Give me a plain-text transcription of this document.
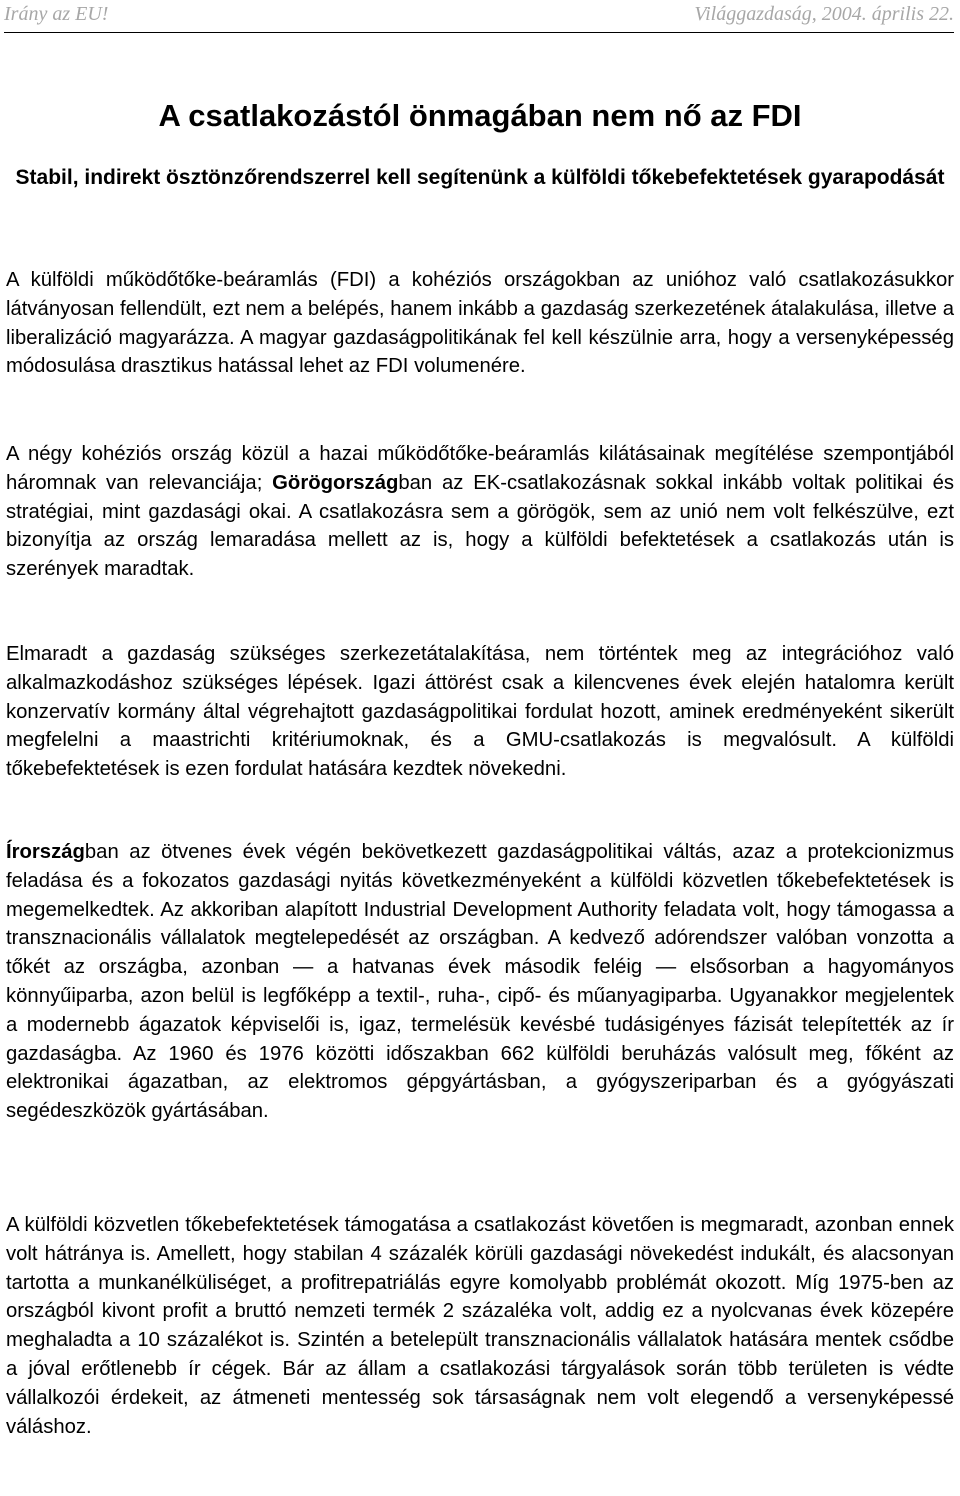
Irány az EU!	Világgazdaság, 2004. április 22.
A csatlakozástól önmagában nem nő az FDI
Stabil, indirekt ösztönzőrendszerrel kell segítenünk a külföldi tőkebefektetések gyarapodását

A külföldi működőtőke-beáramlás (FDI) a kohéziós országokban az unióhoz való csatlakozásukkor látványosan fellendült, ezt nem a belépés, hanem inkább a gazdaság szerkezetének átalakulása, illetve a liberalizáció magyarázza. A magyar gazdaságpolitikának fel kell készülnie arra, hogy a versenyképesség módosulása drasztikus hatással lehet az FDI volumenére.

A négy kohéziós ország közül a hazai működőtőke-beáramlás kilátásainak megítélése szempontjából háromnak van relevanciája; Görögországban az EK-csatlakozásnak sokkal inkább voltak politikai és stratégiai, mint gazdasági okai. A csatlakozásra sem a görögök, sem az unió nem volt felkészülve, ezt bizonyítja az ország lemaradása mellett az is, hogy a külföldi befektetések a csatlakozás után is szerények maradtak.

Elmaradt a gazdaság szükséges szerkezetátalakítása, nem történtek meg az integrációhoz való alkalmazkodáshoz szükséges lépések. Igazi áttörést csak a kilencvenes évek elején hatalomra került konzervatív kormány által végrehajtott gazdaságpolitikai fordulat hozott, aminek eredményeként sikerült megfelelni a maastrichti kritériumoknak, és a GMU-csatlakozás is megvalósult. A külföldi tőkebefektetések is ezen fordulat hatására kezdtek növekedni.

Írországban az ötvenes évek végén bekövetkezett gazdaságpolitikai váltás, azaz a protekcionizmus feladása és a fokozatos gazdasági nyitás következményeként a külföldi közvetlen tőkebefektetések is megemelkedtek. Az akkoriban alapított Industrial Development Authority feladata volt, hogy támogassa a transznacionális vállalatok megtelepedését az országban. A kedvező adórendszer valóban vonzotta a tőkét az országba, azonban — a hatvanas évek második feléig — elsősorban a hagyományos könnyűiparba, azon belül is legfőképp a textil-, ruha-, cipő- és műanyagiparba. Ugyanakkor megjelentek a modernebb ágazatok képviselői is, igaz, termelésük kevésbé tudásigényes fázisát telepítették az ír gazdaságba. Az 1960 és 1976 közötti időszakban 662 külföldi beruházás valósult meg, főként az elektronikai ágazatban, az elektromos gépgyártásban, a gyógyszeriparban és a gyógyászati segédeszközök gyártásában.

A külföldi közvetlen tőkebefektetések támogatása a csatlakozást követően is megmaradt, azonban ennek volt hátránya is. Amellett, hogy stabilan 4 százalék körüli gazdasági növekedést indukált, és alacsonyan tartotta a munkanélküliséget, a profitrepatriálás egyre komolyabb problémát okozott. Míg 1975-ben az országból kivont profit a bruttó nemzeti termék 2 százaléka volt, addig ez a nyolcvanas évek közepére meghaladta a 10 százalékot is. Szintén a betelepült transznacionális vállalatok hatására mentek csődbe a jóval erőtlenebb ír cégek. Bár az állam a csatlakozási tárgyalások során több területen is védte vállalkozói érdekeit, az átmeneti mentesség sok társaságnak nem volt elegendő a versenyképessé váláshoz.
